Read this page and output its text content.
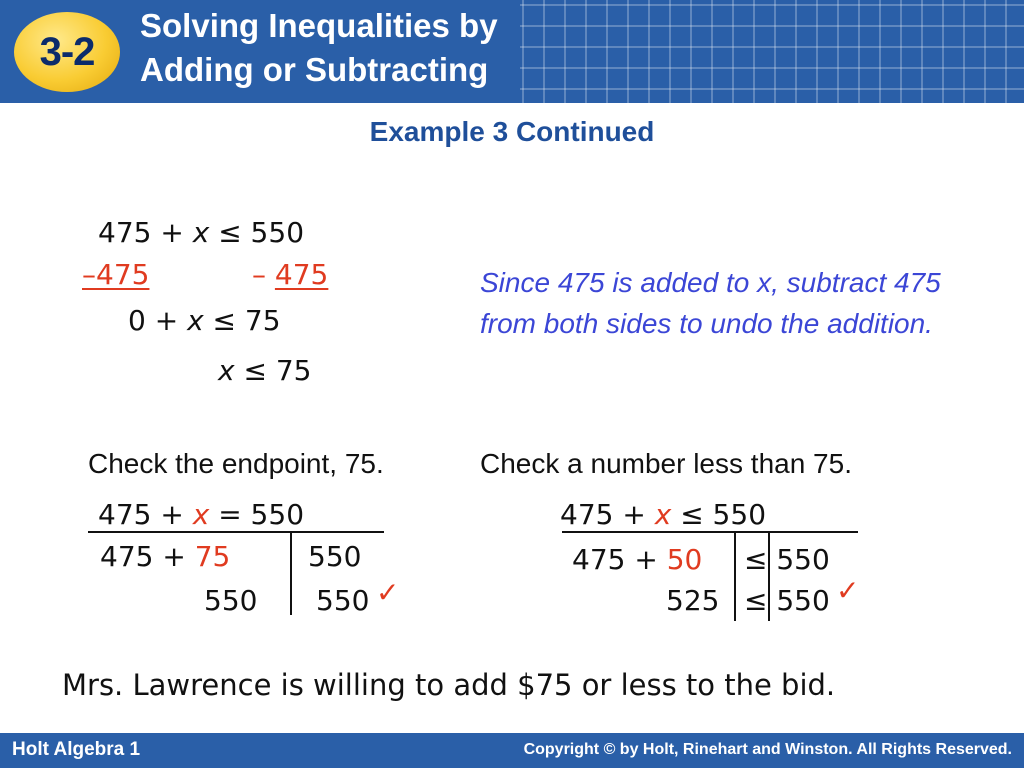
3-2
Solving Inequalities by
Adding or Subtracting
Example 3 Continued
475 + x ≤ 550
–475	– 475
0 + x ≤ 75
x ≤ 75
Since 475 is added to x, subtract 475 from both sides to undo the addition.
Check the endpoint, 75.
475 + x = 550
475 + 75	550
550 550 ✓
Check a number less than 75.
475 + x ≤ 550
475 + 50 ≤ 550
525 ≤ 550 ✓
Mrs. Lawrence is willing to add $75 or less to the bid.
Holt Algebra 1	Copyright © by Holt, Rinehart and Winston. All Rights Reserved.
